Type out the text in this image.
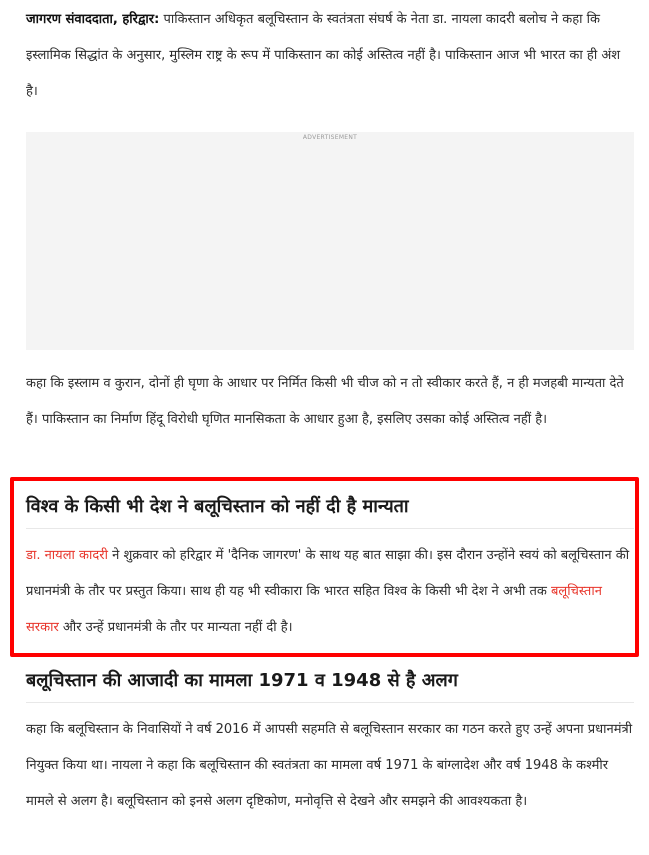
जागरण संवाददाता, हरिद्वार: पाकिस्तान अधिकृत बलूचिस्तान के स्वतंत्रता संघर्ष के नेता डा. नायला कादरी बलोच ने कहा कि इस्लामिक सिद्धांत के अनुसार, मुस्लिम राष्ट्र के रूप में पाकिस्तान का कोई अस्तित्व नहीं है। पाकिस्तान आज भी भारत का ही अंश है।

ADVERTISEMENT

कहा कि इस्लाम व कुरान, दोनों ही घृणा के आधार पर निर्मित किसी भी चीज को न तो स्वीकार करते हैं, न ही मजहबी मान्यता देते हैं। पाकिस्तान का निर्माण हिंदू विरोधी घृणित मानसिकता के आधार हुआ है, इसलिए उसका कोई अस्तित्व नहीं है।

विश्व के किसी भी देश ने बलूचिस्तान को नहीं दी है मान्यता

डा. नायला कादरी ने शुक्रवार को हरिद्वार में 'दैनिक जागरण' के साथ यह बात साझा की। इस दौरान उन्होंने स्वयं को बलूचिस्तान की प्रधानमंत्री के तौर पर प्रस्तुत किया। साथ ही यह भी स्वीकारा कि भारत सहित विश्व के किसी भी देश ने अभी तक बलूचिस्तान सरकार और उन्हें प्रधानमंत्री के तौर पर मान्यता नहीं दी है।

बलूचिस्तान की आजादी का मामला 1971 व 1948 से है अलग

कहा कि बलूचिस्तान के निवासियों ने वर्ष 2016 में आपसी सहमति से बलूचिस्तान सरकार का गठन करते हुए उन्हें अपना प्रधानमंत्री नियुक्त किया था। नायला ने कहा कि बलूचिस्तान की स्वतंत्रता का मामला वर्ष 1971 के बांग्लादेश और वर्ष 1948 के कश्मीर मामले से अलग है। बलूचिस्तान को इनसे अलग दृष्टिकोण, मनोवृत्ति से देखने और समझने की आवश्यकता है।
